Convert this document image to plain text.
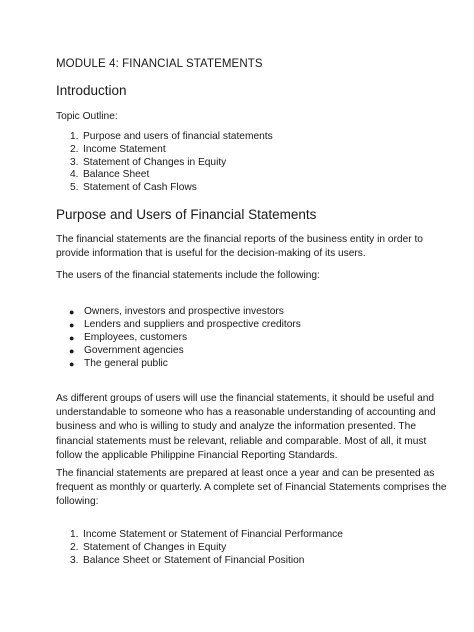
MODULE 4: FINANCIAL STATEMENTS
Introduction
Topic Outline:
1. Purpose and users of financial statements
2. Income Statement
3. Statement of Changes in Equity
4. Balance Sheet
5. Statement of Cash Flows
Purpose and Users of Financial Statements
The financial statements are the financial reports of the business entity in order to provide information that is useful for the decision-making of its users.
The users of the financial statements include the following:
● Owners, investors and prospective investors
● Lenders and suppliers and prospective creditors
● Employees, customers
● Government agencies
● The general public
As different groups of users will use the financial statements, it should be useful and understandable to someone who has a reasonable understanding of accounting and business and who is willing to study and analyze the information presented. The financial statements must be relevant, reliable and comparable. Most of all, it must follow the applicable Philippine Financial Reporting Standards.
The financial statements are prepared at least once a year and can be presented as frequent as monthly or quarterly. A complete set of Financial Statements comprises the following:
1. Income Statement or Statement of Financial Performance
2. Statement of Changes in Equity
3. Balance Sheet or Statement of Financial Position
